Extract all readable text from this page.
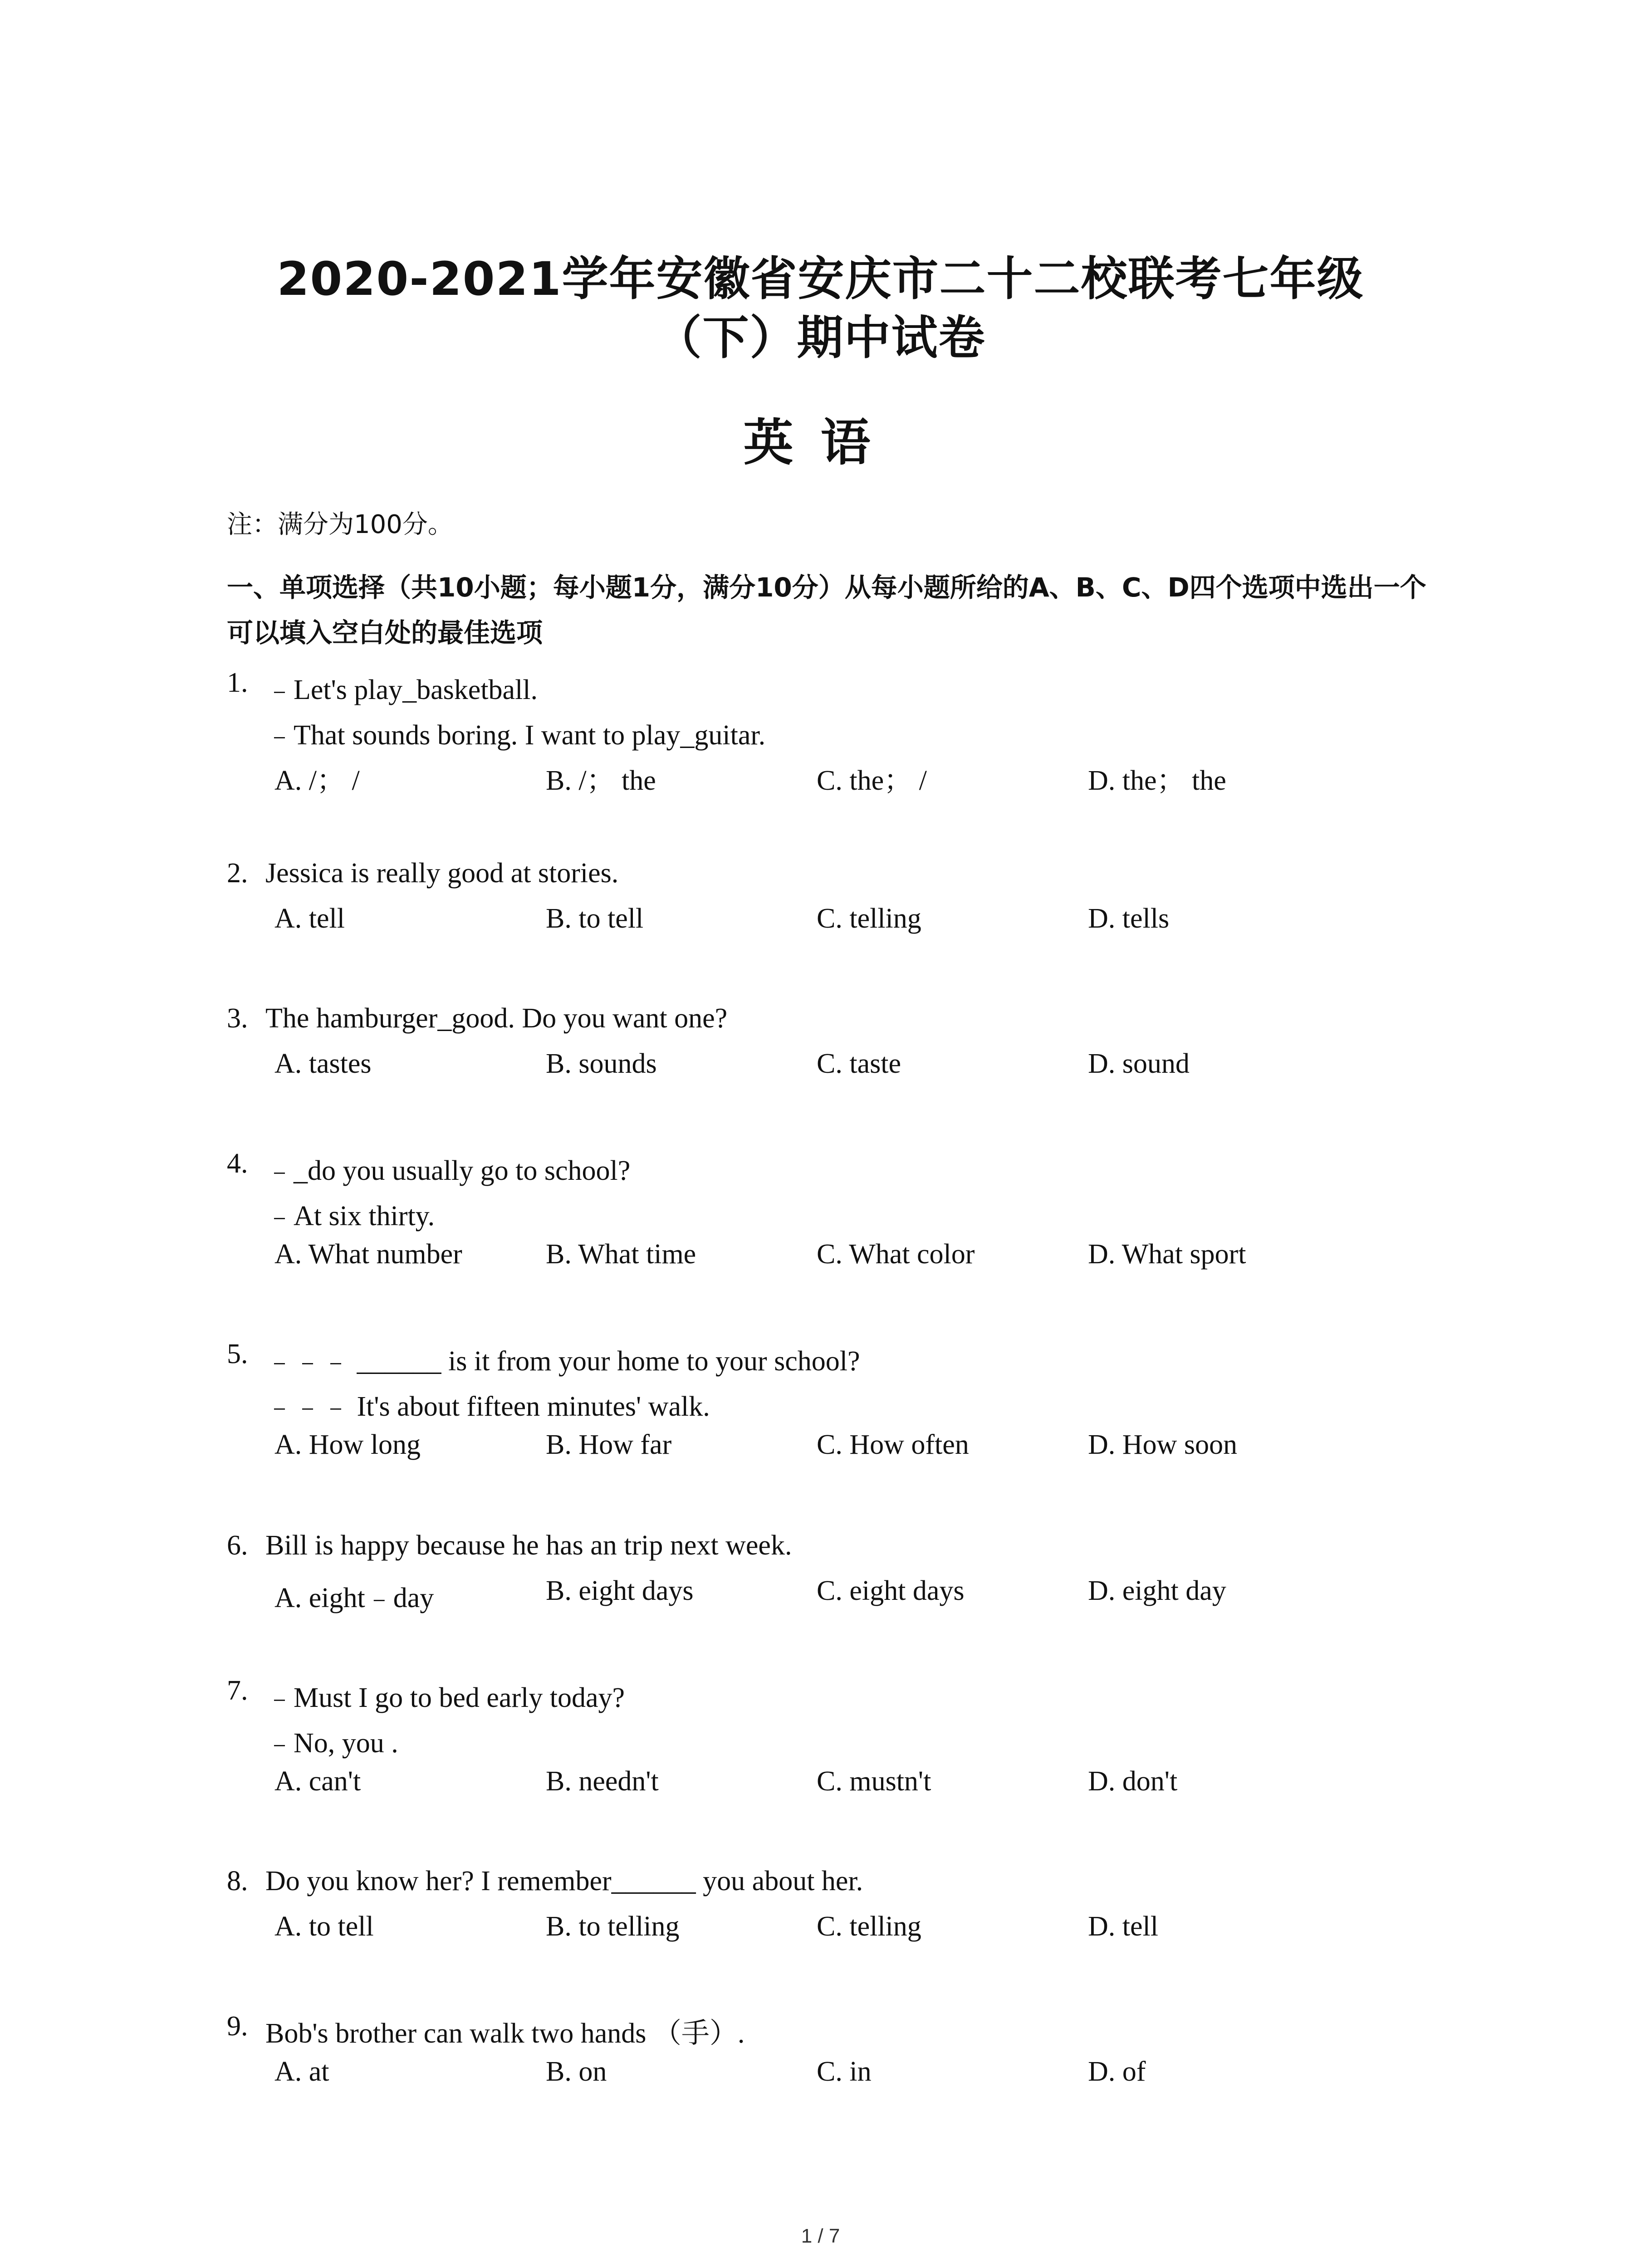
2020-2021学年安徽省安庆市二十二校联考七年级
（下）期中试卷
英语
注：满分为100分。
一、单项选择（共10小题；每小题1分，满分10分）从每小题所给的A、B、C、D四个选项中选出一个可以填入空白处的最佳选项
1. ﹣Let's play_basketball.
﹣That sounds boring. I want to play_guitar.
A. /； /	B. /； the	C. the； /	D. the； the
2. Jessica is really good at stories.
A. tell	B. to tell	C. telling	D. tells
3. The hamburger_good. Do you want one?
A. tastes	B. sounds	C. taste	D. sound
4. ﹣_do you usually go to school?
﹣At six thirty.
A. What number	B. What time	C. What color	D. What sport
5. ﹣﹣﹣ ______ is it from your home to your school?
﹣﹣﹣ It's about fifteen minutes' walk.
A. How long	B. How far	C. How often	D. How soon
6. Bill is happy because he has an trip next week.
A. eight﹣day	B. eight days	C. eight days	D. eight day
7. ﹣Must I go to bed early today?
﹣No, you .
A. can't	B. needn't	C. mustn't	D. don't
8. Do you know her? I remember______ you about her.
A. to tell	B. to telling	C. telling	D. tell
9. Bob's brother can walk two hands （手）.
A. at	B. on	C. in	D. of
1 / 7
